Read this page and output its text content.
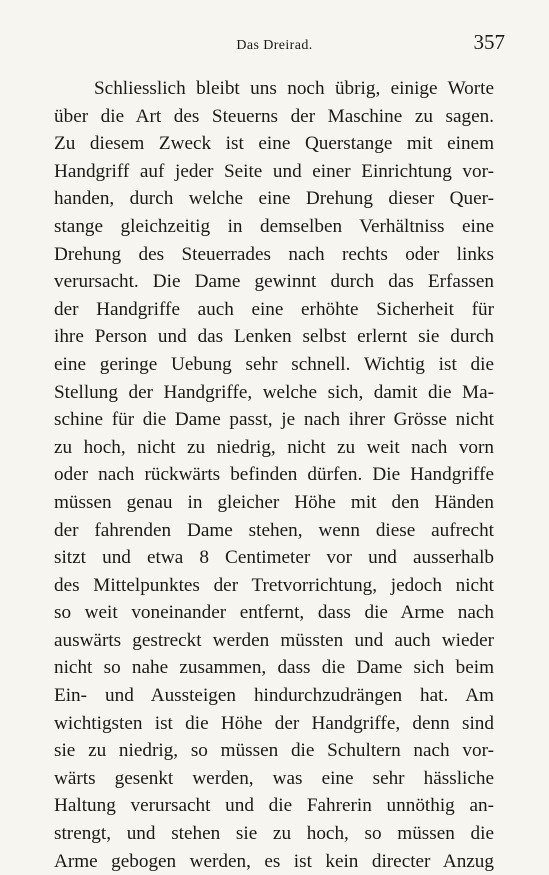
Das Dreirad.	357
Schliesslich bleibt uns noch übrig, einige Worte
über die Art des Steuerns der Maschine zu sagen.
Zu diesem Zweck ist eine Querstange mit einem
Handgriff auf jeder Seite und einer Einrichtung vor-
handen, durch welche eine Drehung dieser Quer-
stange gleichzeitig in demselben Verhältniss eine
Drehung des Steuerrades nach rechts oder links
verursacht. Die Dame gewinnt durch das Erfassen
der Handgriffe auch eine erhöhte Sicherheit für
ihre Person und das Lenken selbst erlernt sie durch
eine geringe Uebung sehr schnell. Wichtig ist die
Stellung der Handgriffe, welche sich, damit die Ma-
schine für die Dame passt, je nach ihrer Grösse nicht
zu hoch, nicht zu niedrig, nicht zu weit nach vorn
oder nach rückwärts befinden dürfen. Die Handgriffe
müssen genau in gleicher Höhe mit den Händen
der fahrenden Dame stehen, wenn diese aufrecht
sitzt und etwa 8 Centimeter vor und ausserhalb
des Mittelpunktes der Tretvorrichtung, jedoch nicht
so weit voneinander entfernt, dass die Arme nach
auswärts gestreckt werden müssten und auch wieder
nicht so nahe zusammen, dass die Dame sich beim
Ein- und Aussteigen hindurchzudrängen hat. Am
wichtigsten ist die Höhe der Handgriffe, denn sind
sie zu niedrig, so müssen die Schultern nach vor-
wärts gesenkt werden, was eine sehr hässliche
Haltung verursacht und die Fahrerin unnöthig an-
strengt, und stehen sie zu hoch, so müssen die
Arme gebogen werden, es ist kein directer Anzug
